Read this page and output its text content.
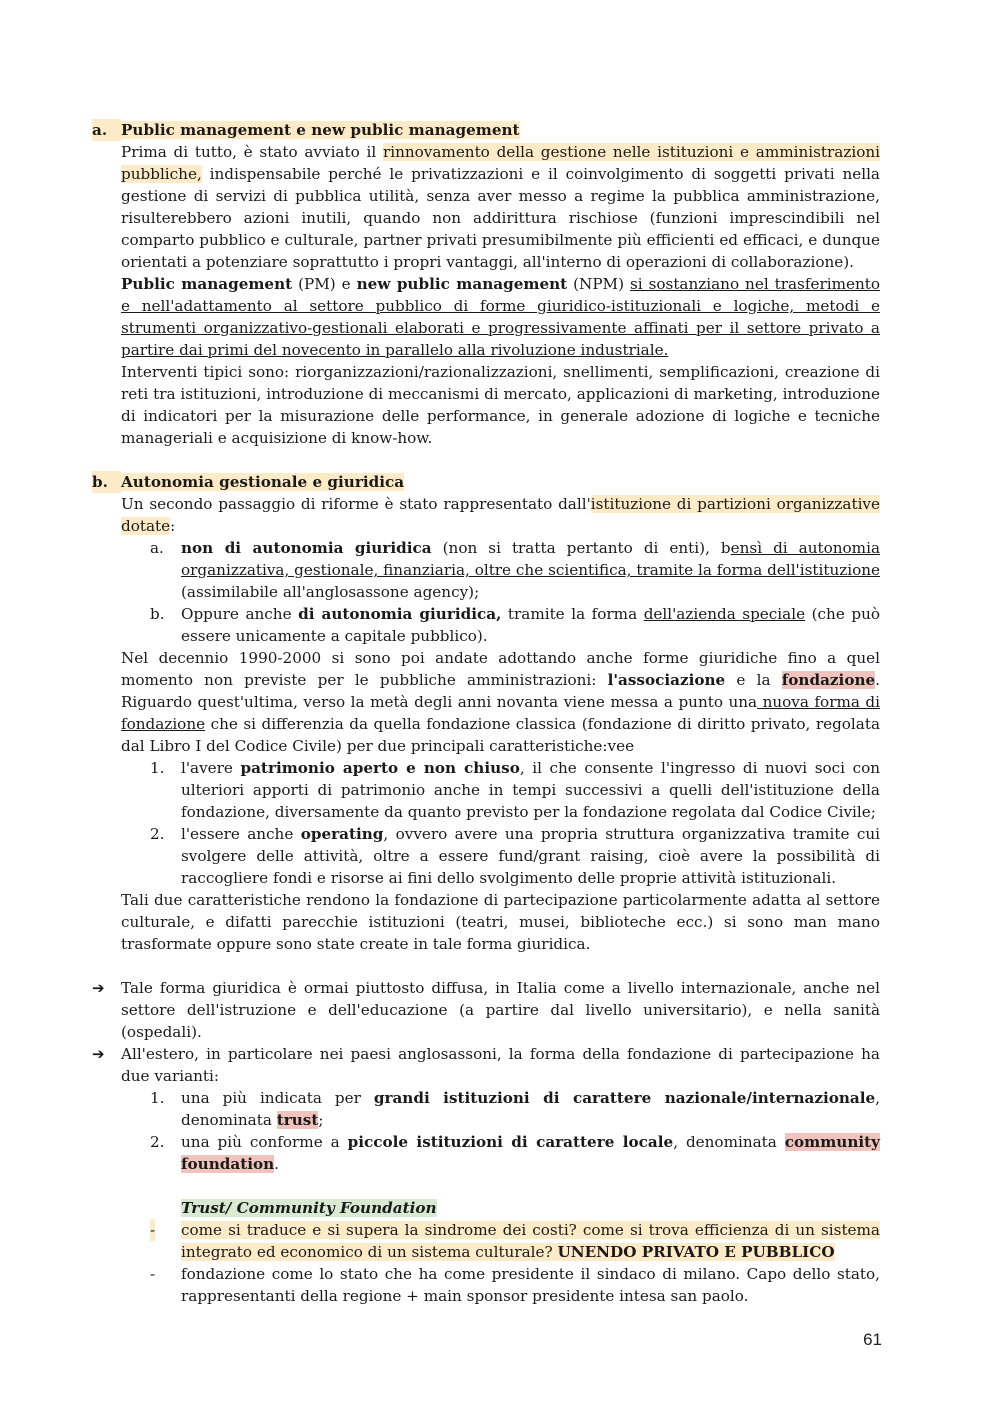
a. Public management e new public management

Prima di tutto, è stato avviato il rinnovamento della gestione nelle istituzioni e amministrazioni pubbliche, indispensabile perché le privatizzazioni e il coinvolgimento di soggetti privati nella gestione di servizi di pubblica utilità, senza aver messo a regime la pubblica amministrazione, risulterebbero azioni inutili, quando non addirittura rischiose (funzioni imprescindibili nel comparto pubblico e culturale, partner privati presumibilmente più efficienti ed efficaci, e dunque orientati a potenziare soprattutto i propri vantaggi, all'interno di operazioni di collaborazione).

Public management (PM) e new public management (NPM) si sostanziano nel trasferimento e nell'adattamento al settore pubblico di forme giuridico-istituzionali e logiche, metodi e strumenti organizzativo-gestionali elaborati e progressivamente affinati per il settore privato a partire dai primi del novecento in parallelo alla rivoluzione industriale.

Interventi tipici sono: riorganizzazioni/razionalizzazioni, snellimenti, semplificazioni, creazione di reti tra istituzioni, introduzione di meccanismi di mercato, applicazioni di marketing, introduzione di indicatori per la misurazione delle performance, in generale adozione di logiche e tecniche manageriali e acquisizione di know-how.

b. Autonomia gestionale e giuridica

Un secondo passaggio di riforme è stato rappresentato dall'istituzione di partizioni organizzative dotate:

a. non di autonomia giuridica (non si tratta pertanto di enti), bensì di autonomia organizzativa, gestionale, finanziaria, oltre che scientifica, tramite la forma dell'istituzione (assimilabile all'anglosassone agency);
b. Oppure anche di autonomia giuridica, tramite la forma dell'azienda speciale (che può essere unicamente a capitale pubblico).

Nel decennio 1990-2000 si sono poi andate adottando anche forme giuridiche fino a quel momento non previste per le pubbliche amministrazioni: l'associazione e la fondazione. Riguardo quest'ultima, verso la metà degli anni novanta viene messa a punto una nuova forma di fondazione che si differenzia da quella fondazione classica (fondazione di diritto privato, regolata dal Libro I del Codice Civile) per due principali caratteristiche:vee

1. l'avere patrimonio aperto e non chiuso, il che consente l'ingresso di nuovi soci con ulteriori apporti di patrimonio anche in tempi successivi a quelli dell'istituzione della fondazione, diversamente da quanto previsto per la fondazione regolata dal Codice Civile;
2. l'essere anche operating, ovvero avere una propria struttura organizzativa tramite cui svolgere delle attività, oltre a essere fund/grant raising, cioè avere la possibilità di raccogliere fondi e risorse ai fini dello svolgimento delle proprie attività istituzionali.

Tali due caratteristiche rendono la fondazione di partecipazione particolarmente adatta al settore culturale, e difatti parecchie istituzioni (teatri, musei, biblioteche ecc.) si sono man mano trasformate oppure sono state create in tale forma giuridica.

➔ Tale forma giuridica è ormai piuttosto diffusa, in Italia come a livello internazionale, anche nel settore dell'istruzione e dell'educazione (a partire dal livello universitario), e nella sanità (ospedali).
➔ All'estero, in particolare nei paesi anglosassoni, la forma della fondazione di partecipazione ha due varianti:
1. una più indicata per grandi istituzioni di carattere nazionale/internazionale, denominata trust;
2. una più conforme a piccole istituzioni di carattere locale, denominata community foundation.
Trust/ Community Foundation
- come si traduce e si supera la sindrome dei costi? come si trova efficienza di un sistema integrato ed economico di un sistema culturale? UNENDO PRIVATO E PUBBLICO
- fondazione come lo stato che ha come presidente il sindaco di milano. Capo dello stato, rappresentanti della regione + main sponsor presidente intesa san paolo.
61
